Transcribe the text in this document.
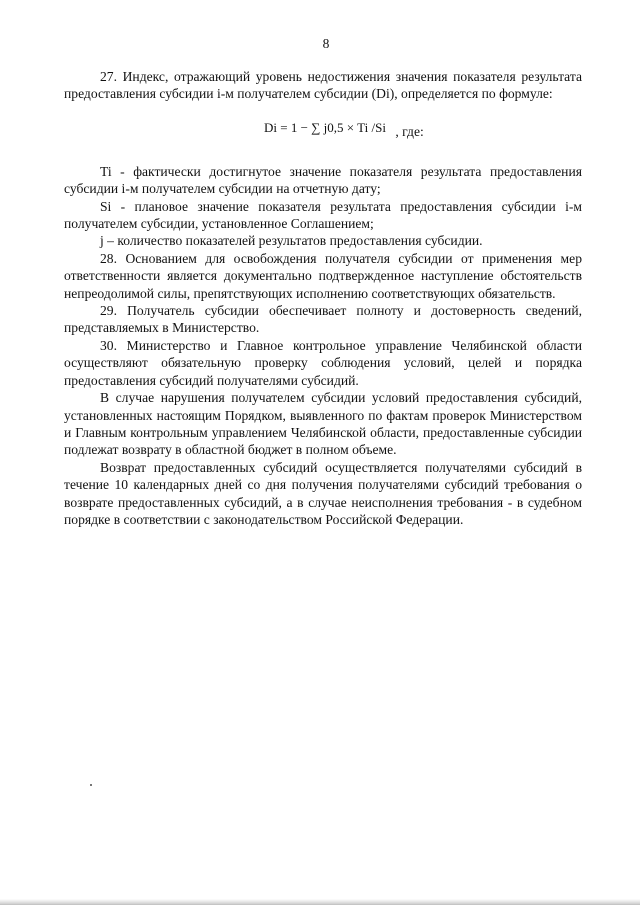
8

27. Индекс, отражающий уровень недостижения значения показателя результата предоставления субсидии i-м получателем субсидии (Di), определяется по формуле:

Di = 1 − ∑ j0,5 × Ti /Si , где:

Ti - фактически достигнутое значение показателя результата предоставления субсидии i-м получателем субсидии на отчетную дату;

Si - плановое значение показателя результата предоставления субсидии i-м получателем субсидии, установленное Соглашением;

j – количество показателей результатов предоставления субсидии.

28. Основанием для освобождения получателя субсидии от применения мер ответственности является документально подтвержденное наступление обстоятельств непреодолимой силы, препятствующих исполнению соответствующих обязательств.

29. Получатель субсидии обеспечивает полноту и достоверность сведений, представляемых в Министерство.

30. Министерство и Главное контрольное управление Челябинской области осуществляют обязательную проверку соблюдения условий, целей и порядка предоставления субсидий получателями субсидий.

В случае нарушения получателем субсидии условий предоставления субсидий, установленных настоящим Порядком, выявленного по фактам проверок Министерством и Главным контрольным управлением Челябинской области, предоставленные субсидии подлежат возврату в областной бюджет в полном объеме.

Возврат предоставленных субсидий осуществляется получателями субсидий в течение 10 календарных дней со дня получения получателями субсидий требования о возврате предоставленных субсидий, а в случае неисполнения требования - в судебном порядке в соответствии с законодательством Российской Федерации.
